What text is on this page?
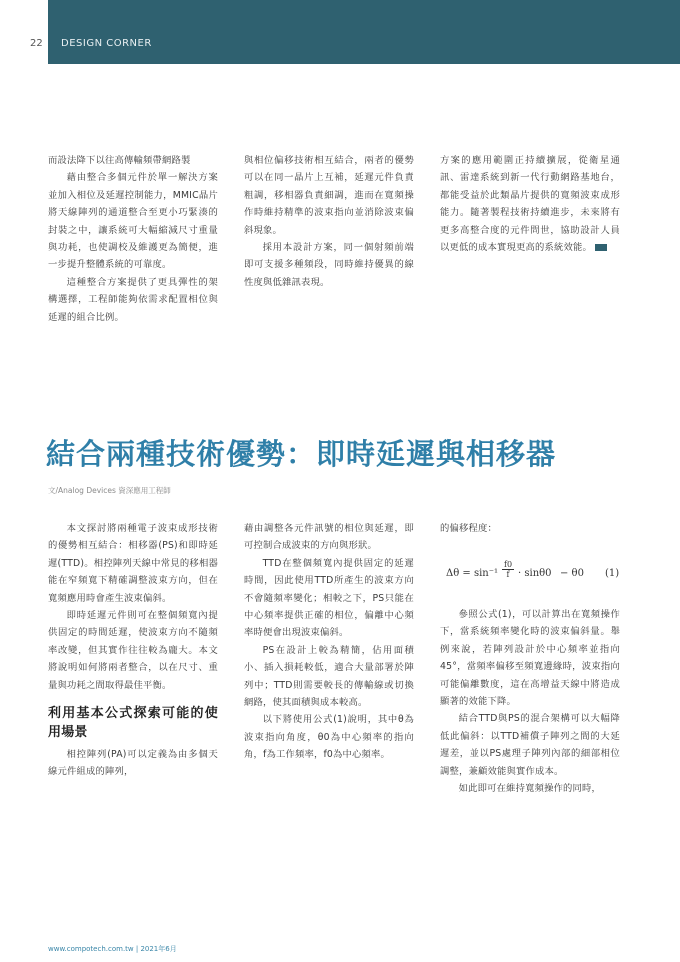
22 DESIGN CORNER

而設法降下以往高傳輸頻帶網路製

藉由整合多個元件於單一解決方案並加入相位及延遲控制能力，MMIC晶片將天線陣列的通道整合至更小巧緊湊的封裝之中，讓系統可大幅縮減尺寸重量與功耗，也使調校及維護更為簡便，進一步提升整體系統的可靠度。

這種整合方案提供了更具彈性的架構選擇，工程師能夠依需求配置相位與延遲的組合比例。

與相位偏移技術相互結合，兩者的優勢可以在同一晶片上互補，延遲元件負責粗調，移相器負責細調，進而在寬頻操作時維持精準的波束指向並消除波束偏斜現象。

採用本設計方案，同一個射頻前端即可支援多種頻段，同時維持優異的線性度與低雜訊表現。

方案的應用範圍正持續擴展，從衛星通訊、雷達系統到新一代行動網路基地台，都能受益於此類晶片提供的寬頻波束成形能力。隨著製程技術持續進步，未來將有更多高整合度的元件問世，協助設計人員以更低的成本實現更高的系統效能。

結合兩種技術優勢：即時延遲與相移器
文/Analog Devices 資深應用工程師

本文探討將兩種電子波束成形技術的優勢相互結合：相移器(PS)和即時延遲(TTD)。相控陣列天線中常見的移相器能在窄頻寬下精確調整波束方向，但在寬頻應用時會產生波束偏斜。

即時延遲元件則可在整個頻寬內提供固定的時間延遲，使波束方向不隨頻率改變，但其實作往往較為龐大。本文將說明如何將兩者整合，以在尺寸、重量與功耗之間取得最佳平衡。

利用基本公式探索可能的使用場景

相控陣列(PA)可以定義為由多個天線元件組成的陣列，

藉由調整各元件訊號的相位與延遲，即可控制合成波束的方向與形狀。

TTD在整個頻寬內提供固定的延遲時間，因此使用TTD所產生的波束方向不會隨頻率變化；相較之下，PS只能在中心頻率提供正確的相位，偏離中心頻率時便會出現波束偏斜。

PS在設計上較為精簡，佔用面積小、插入損耗較低，適合大量部署於陣列中；TTD則需要較長的傳輸線或切換網路，使其面積與成本較高。

以下將使用公式(1)說明，其中θ為波束指向角度，θ0為中心頻率的指向角，f為工作頻率，f0為中心頻率。

的偏移程度：

$\Delta\theta = \sin^{-1} \frac{f0}{f} \cdot \sin\theta 0 - \theta 0$ (1)

參照公式(1)，可以計算出在寬頻操作下，當系統頻率變化時的波束偏斜量。舉例來說，若陣列設計於中心頻率並指向45°，當頻率偏移至頻寬邊緣時，波束指向可能偏離數度，這在高增益天線中將造成顯著的效能下降。

結合TTD與PS的混合架構可以大幅降低此偏斜：以TTD補償子陣列之間的大延遲差，並以PS處理子陣列內部的細部相位調整，兼顧效能與實作成本。

如此即可在維持寬頻操作的同時，

www.compotech.com.tw | 2021年6月
